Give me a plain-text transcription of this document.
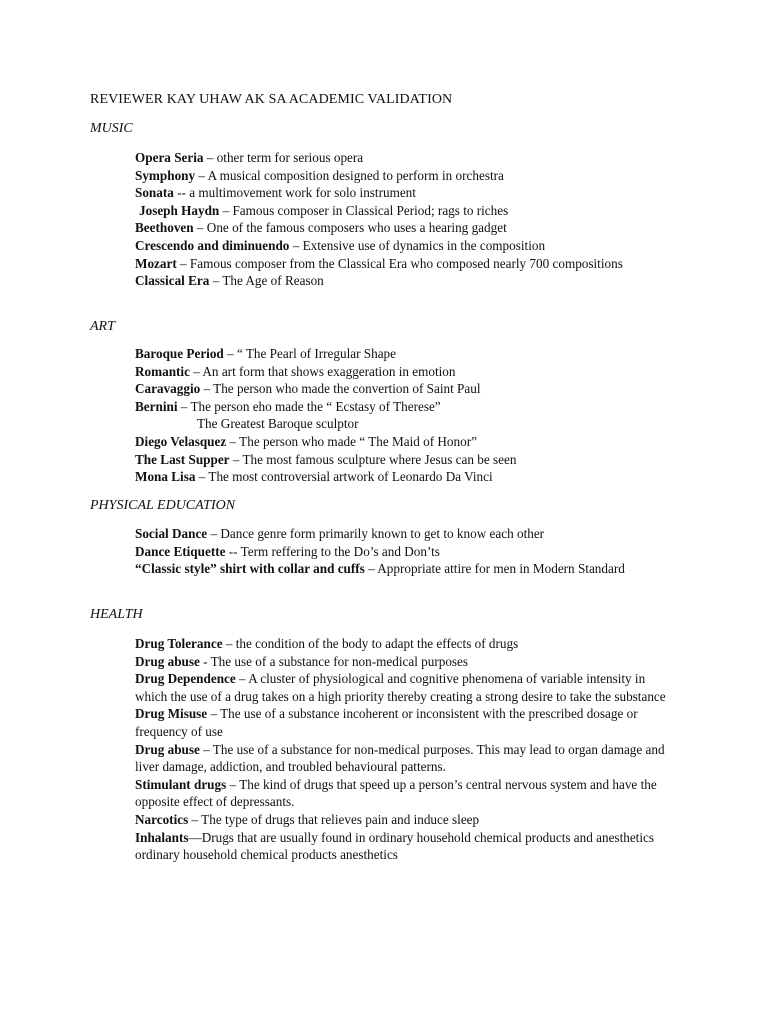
REVIEWER KAY UHAW AK SA ACADEMIC VALIDATION
MUSIC

Opera Seria – other term for serious opera

Symphony – A musical composition designed to perform in orchestra

Sonata -- a multimovement work for solo instrument

Joseph Haydn – Famous composer in Classical Period; rags to riches

Beethoven – One of the famous composers who uses a hearing gadget

Crescendo and diminuendo – Extensive use of dynamics in the composition

Mozart – Famous composer from the Classical Era who composed nearly 700 compositions

Classical Era – The Age of Reason

ART

Baroque Period – “ The Pearl of Irregular Shape

Romantic – An art form that shows exaggeration in emotion

Caravaggio – The person who made the convertion of Saint Paul

Bernini – The person eho made the “ Ecstasy of Therese”

The Greatest Baroque sculptor

Diego Velasquez – The person who made “ The Maid of Honor”

The Last Supper – The most famous sculpture where Jesus can be seen

Mona Lisa – The most controversial artwork of Leonardo Da Vinci

PHYSICAL EDUCATION

Social Dance – Dance genre form primarily known to get to know each other

Dance Etiquette -- Term reffering to the Do’s and Don’ts

“Classic style” shirt with collar and cuffs – Appropriate attire for men in Modern Standard

HEALTH

Drug Tolerance – the condition of the body to adapt the effects of drugs

Drug abuse - The use of a substance for non-medical purposes

Drug Dependence – A cluster of physiological and cognitive phenomena of variable intensity in which the use of a drug takes on a high priority thereby creating a strong desire to take the substance

Drug Misuse – The use of a substance incoherent or inconsistent with the prescribed dosage or frequency of use

Drug abuse – The use of a substance for non-medical purposes. This may lead to organ damage and liver damage, addiction, and troubled behavioural patterns.

Stimulant drugs – The kind of drugs that speed up a person’s central nervous system and have the opposite effect of depressants.

Narcotics – The type of drugs that relieves pain and induce sleep

Inhalants—Drugs that are usually found in ordinary household chemical products and anesthetics

ordinary household chemical products anesthetics
